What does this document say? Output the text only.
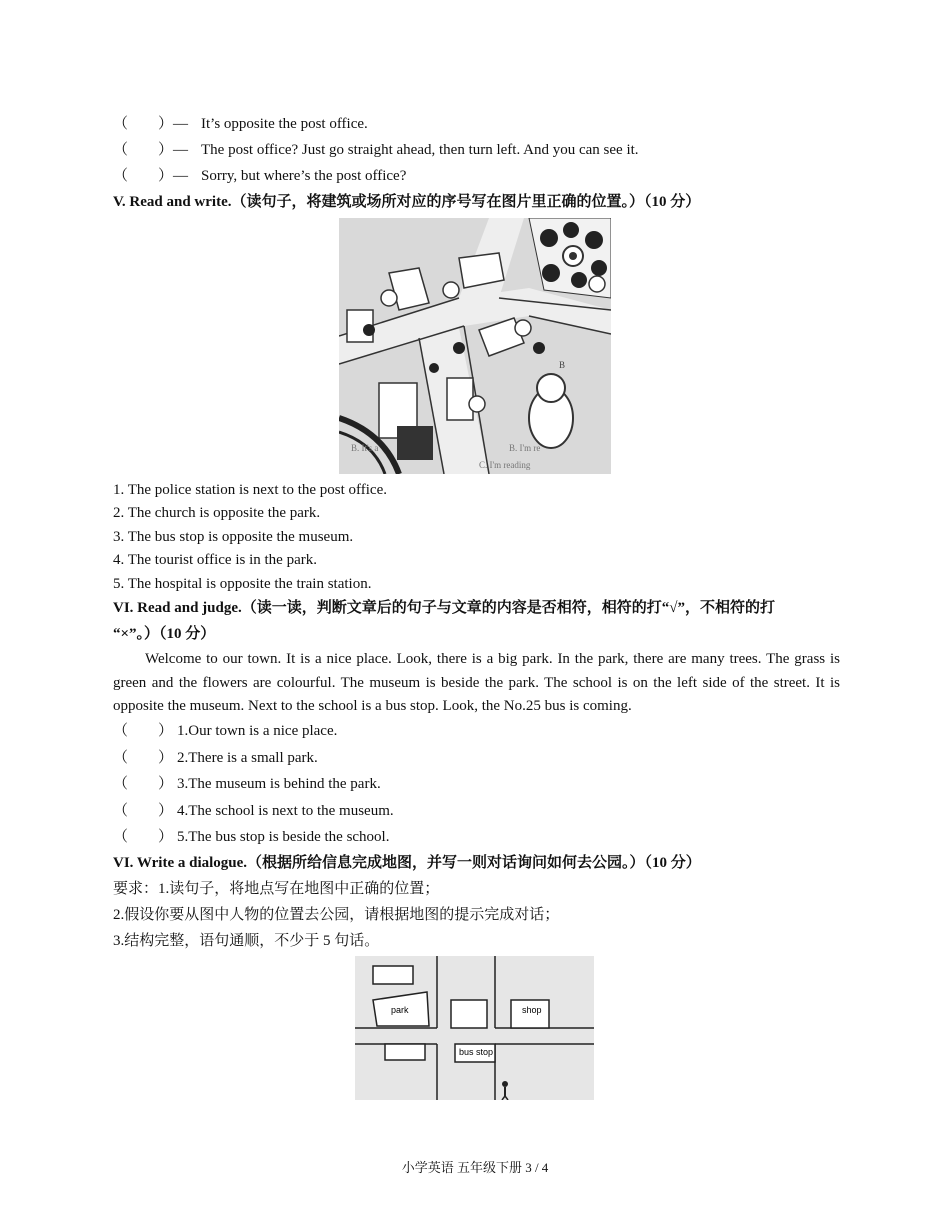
（　　）— It’s opposite the post office.
（　　）— The post office? Just go straight ahead, then turn left. And you can see it.
（　　）— Sorry, but where’s the post office?
V. Read and write.（读句子，将建筑或场所对应的序号写在图片里正确的位置。）（10 分）
B
B. It's a	B. I'm re
C. I'm reading
1. The police station is next to the post office.
2. The church is opposite the park.
3. The bus stop is opposite the museum.
4. The tourist office is in the park.
5. The hospital is opposite the train station.
VI. Read and judge.（读一读，判断文章后的句子与文章的内容是否相符，相符的打“√”，不相符的打
“×”。）（10 分）
Welcome to our town. It is a nice place. Look, there is a big park. In the park, there are many trees. The grass is green and the flowers are colourful. The museum is beside the park. The school is on the left side of the street. It is opposite the museum. Next to the school is a bus stop. Look, the No.25 bus is coming.
（　　） 1.Our town is a nice place.
（　　） 2.There is a small park.
（　　） 3.The museum is behind the park.
（　　） 4.The school is next to the museum.
（　　） 5.The bus stop is beside the school.
VI. Write a dialogue.（根据所给信息完成地图，并写一则对话询问如何去公园。）（10 分）
要求：1.读句子，将地点写在地图中正确的位置；
2.假设你要从图中人物的位置去公园，请根据地图的提示完成对话；
3.结构完整，语句通顺，不少于 5 句话。
park	shop
bus stop
小学英语 五年级下册 3 / 4
